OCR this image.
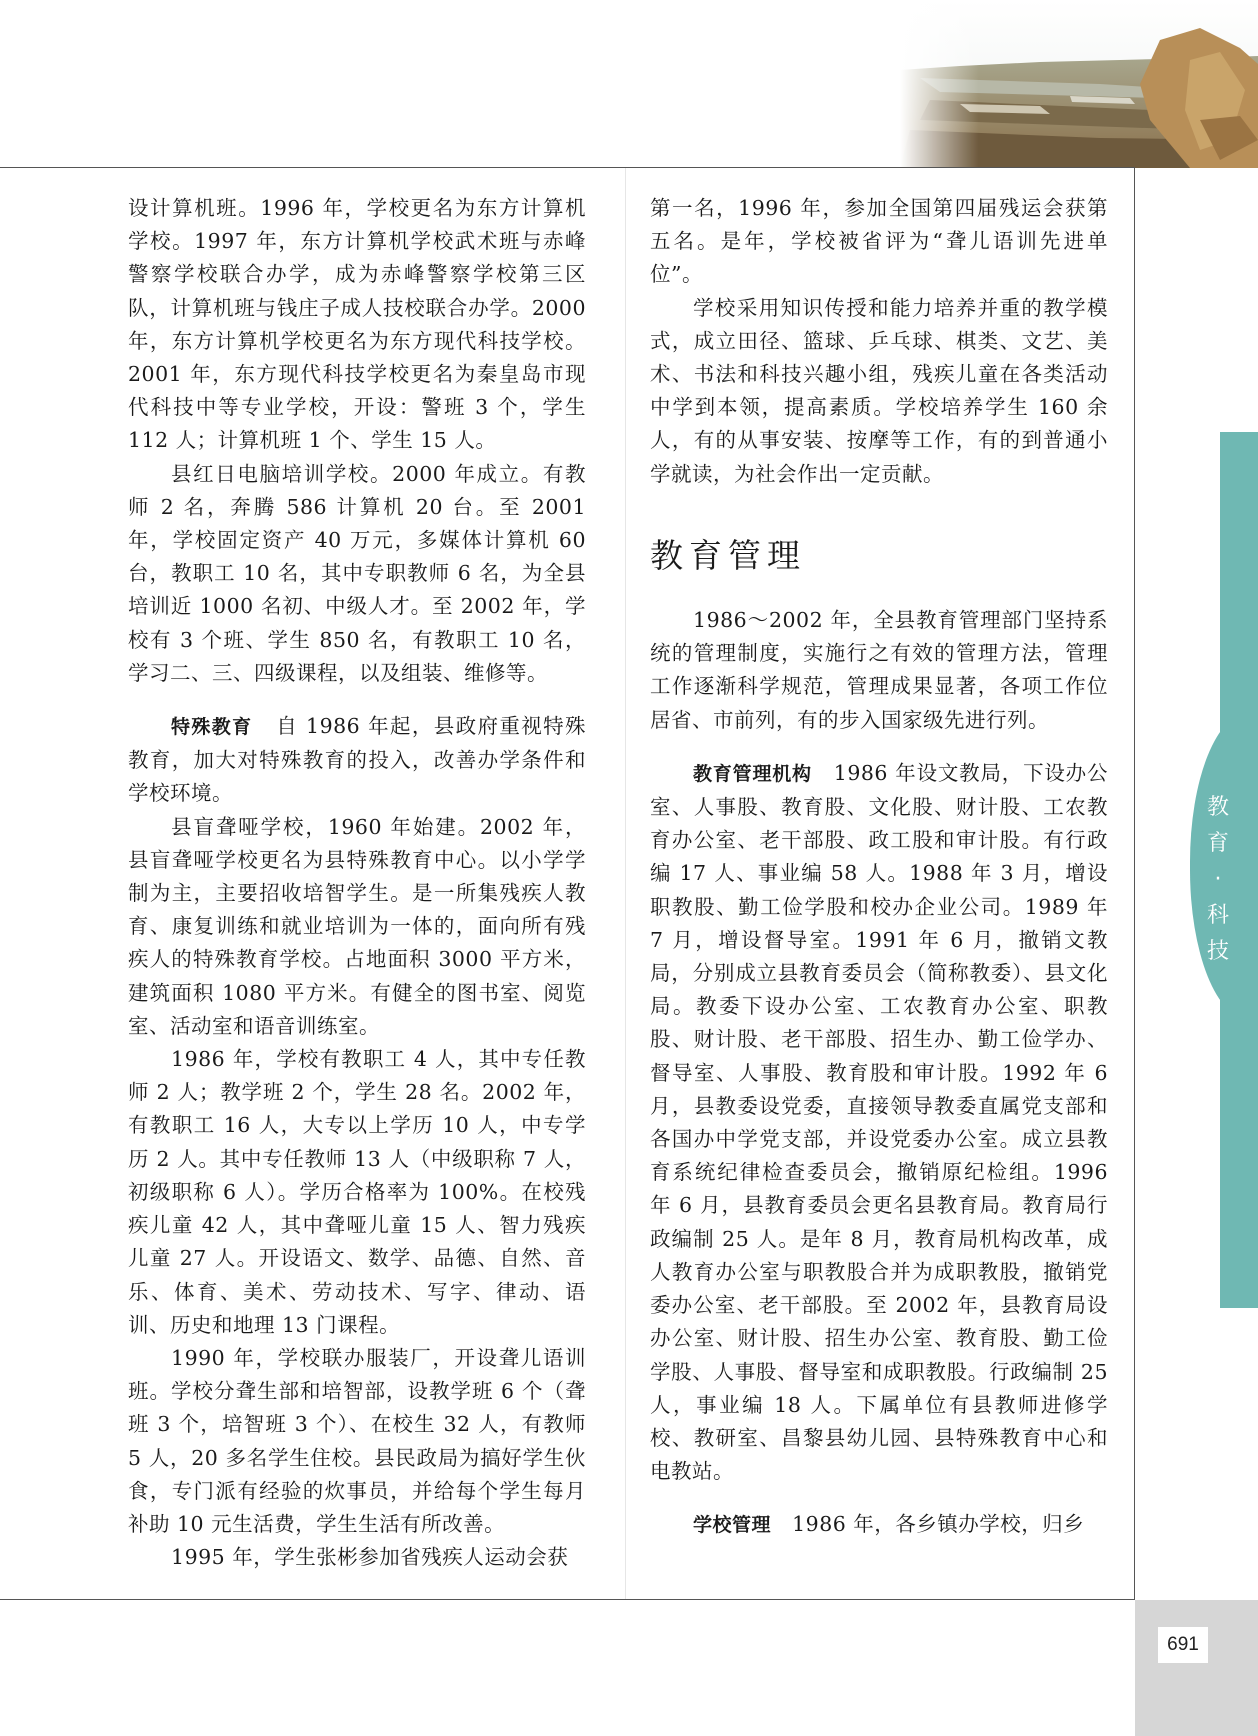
设计算机班。1996 年，学校更名为东方计算机学校。1997 年，东方计算机学校武术班与赤峰警察学校联合办学，成为赤峰警察学校第三区队，计算机班与钱庄子成人技校联合办学。2000 年，东方计算机学校更名为东方现代科技学校。2001 年，东方现代科技学校更名为秦皇岛市现代科技中等专业学校，开设：警班 3 个，学生 112 人；计算机班 1 个、学生 15 人。

县红日电脑培训学校。2000 年成立。有教师 2 名，奔腾 586 计算机 20 台。至 2001 年，学校固定资产 40 万元，多媒体计算机 60 台，教职工 10 名，其中专职教师 6 名，为全县培训近 1000 名初、中级人才。至 2002 年，学校有 3 个班、学生 850 名，有教职工 10 名，学习二、三、四级课程，以及组装、维修等。

特殊教育 自 1986 年起，县政府重视特殊教育，加大对特殊教育的投入，改善办学条件和学校环境。

县盲聋哑学校，1960 年始建。2002 年，县盲聋哑学校更名为县特殊教育中心。以小学学制为主，主要招收培智学生。是一所集残疾人教育、康复训练和就业培训为一体的，面向所有残疾人的特殊教育学校。占地面积 3000 平方米，建筑面积 1080 平方米。有健全的图书室、阅览室、活动室和语音训练室。

1986 年，学校有教职工 4 人，其中专任教师 2 人；教学班 2 个，学生 28 名。2002 年，有教职工 16 人，大专以上学历 10 人，中专学历 2 人。其中专任教师 13 人（中级职称 7 人，初级职称 6 人）。学历合格率为 100%。在校残疾儿童 42 人，其中聋哑儿童 15 人、智力残疾儿童 27 人。开设语文、数学、品德、自然、音乐、体育、美术、劳动技术、写字、律动、语训、历史和地理 13 门课程。

1990 年，学校联办服装厂，开设聋儿语训班。学校分聋生部和培智部，设教学班 6 个（聋班 3 个，培智班 3 个）、在校生 32 人，有教师 5 人，20 多名学生住校。县民政局为搞好学生伙食，专门派有经验的炊事员，并给每个学生每月补助 10 元生活费，学生生活有所改善。

1995 年，学生张彬参加省残疾人运动会获

第一名，1996 年，参加全国第四届残运会获第五名。是年，学校被省评为“聋儿语训先进单位”。

学校采用知识传授和能力培养并重的教学模式，成立田径、篮球、乒乓球、棋类、文艺、美术、书法和科技兴趣小组，残疾儿童在各类活动中学到本领，提高素质。学校培养学生 160 余人，有的从事安装、按摩等工作，有的到普通小学就读，为社会作出一定贡献。

教育管理

1986～2002 年，全县教育管理部门坚持系统的管理制度，实施行之有效的管理方法，管理工作逐渐科学规范，管理成果显著，各项工作位居省、市前列，有的步入国家级先进行列。

教育管理机构 1986 年设文教局，下设办公室、人事股、教育股、文化股、财计股、工农教育办公室、老干部股、政工股和审计股。有行政编 17 人、事业编 58 人。1988 年 3 月，增设职教股、勤工俭学股和校办企业公司。1989 年 7 月，增设督导室。1991 年 6 月，撤销文教局，分别成立县教育委员会（简称教委）、县文化局。教委下设办公室、工农教育办公室、职教股、财计股、老干部股、招生办、勤工俭学办、督导室、人事股、教育股和审计股。1992 年 6 月，县教委设党委，直接领导教委直属党支部和各国办中学党支部，并设党委办公室。成立县教育系统纪律检查委员会，撤销原纪检组。1996 年 6 月，县教育委员会更名县教育局。教育局行政编制 25 人。是年 8 月，教育局机构改革，成人教育办公室与职教股合并为成职教股，撤销党委办公室、老干部股。至 2002 年，县教育局设办公室、财计股、招生办公室、教育股、勤工俭学股、人事股、督导室和成职教股。行政编制 25 人，事业编 18 人。下属单位有县教师进修学校、教研室、昌黎县幼儿园、县特殊教育中心和电教站。

学校管理 1986 年，各乡镇办学校，归乡

教
育
·
科
技
691
